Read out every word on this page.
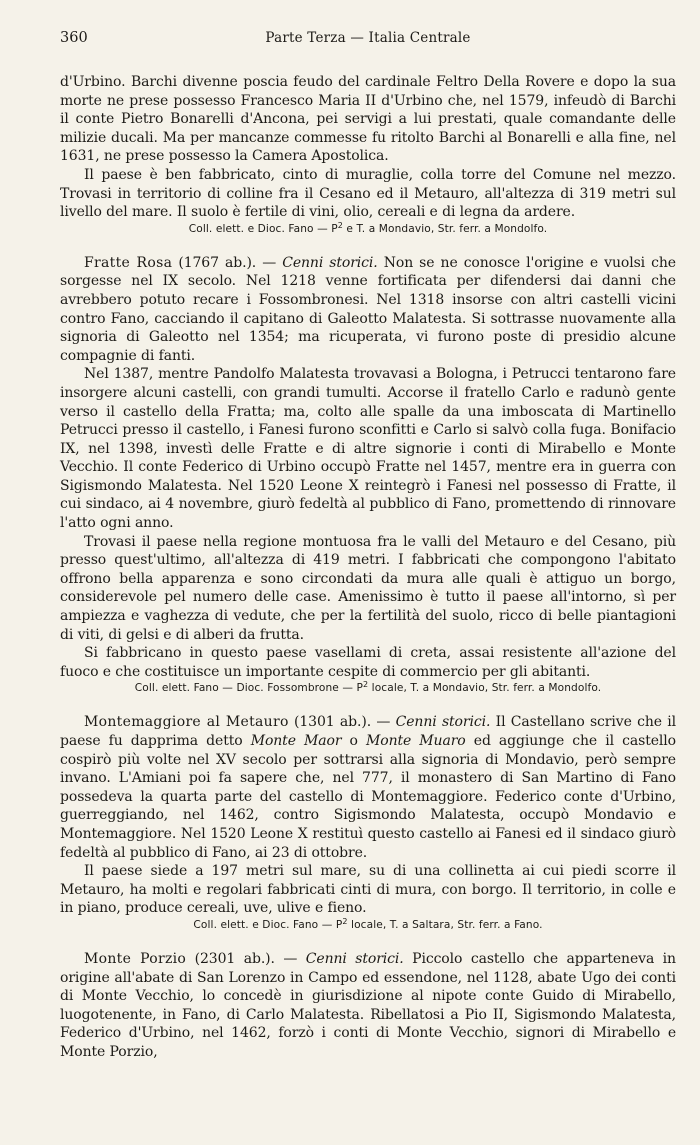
360	Parte Terza — Italia Centrale

d'Urbino. Barchi divenne poscia feudo del cardinale Feltro Della Rovere e dopo la sua morte ne prese possesso Francesco Maria II d'Urbino che, nel 1579, infeudò di Barchi il conte Pietro Bonarelli d'Ancona, pei servigi a lui prestati, quale comandante delle milizie ducali. Ma per mancanze commesse fu ritolto Barchi al Bonarelli e alla fine, nel 1631, ne prese possesso la Camera Apostolica.

Il paese è ben fabbricato, cinto di muraglie, colla torre del Comune nel mezzo. Trovasi in territorio di colline fra il Cesano ed il Metauro, all'altezza di 319 metri sul livello del mare. Il suolo è fertile di vini, olio, cereali e di legna da ardere.

Coll. elett. e Dioc. Fano — $P^2$ e T. a Mondavio, Str. ferr. a Mondolfo.

Fratte Rosa (1767 ab.). — Cenni storici. Non se ne conosce l'origine e vuolsi che sorgesse nel IX secolo. Nel 1218 venne fortificata per difendersi dai danni che avrebbero potuto recare i Fossombronesi. Nel 1318 insorse con altri castelli vicini contro Fano, cacciando il capitano di Galeotto Malatesta. Si sottrasse nuovamente alla signoria di Galeotto nel 1354; ma ricuperata, vi furono poste di presidio alcune compagnie di fanti.

Nel 1387, mentre Pandolfo Malatesta trovavasi a Bologna, i Petrucci tentarono fare insorgere alcuni castelli, con grandi tumulti. Accorse il fratello Carlo e radunò gente verso il castello della Fratta; ma, colto alle spalle da una imboscata di Martinello Petrucci presso il castello, i Fanesi furono sconfitti e Carlo si salvò colla fuga. Bonifacio IX, nel 1398, investì delle Fratte e di altre signorie i conti di Mirabello e Monte Vecchio. Il conte Federico di Urbino occupò Fratte nel 1457, mentre era in guerra con Sigismondo Malatesta. Nel 1520 Leone X reintegrò i Fanesi nel possesso di Fratte, il cui sindaco, ai 4 novembre, giurò fedeltà al pubblico di Fano, promettendo di rinnovare l'atto ogni anno.

Trovasi il paese nella regione montuosa fra le valli del Metauro e del Cesano, più presso quest'ultimo, all'altezza di 419 metri. I fabbricati che compongono l'abitato offrono bella apparenza e sono circondati da mura alle quali è attiguo un borgo, considerevole pel numero delle case. Amenissimo è tutto il paese all'intorno, sì per ampiezza e vaghezza di vedute, che per la fertilità del suolo, ricco di belle piantagioni di viti, di gelsi e di alberi da frutta.

Si fabbricano in questo paese vasellami di creta, assai resistente all'azione del fuoco e che costituisce un importante cespite di commercio per gli abitanti.

Coll. elett. Fano — Dioc. Fossombrone — $P^2$ locale, T. a Mondavio, Str. ferr. a Mondolfo.

Montemaggiore al Metauro (1301 ab.). — Cenni storici. Il Castellano scrive che il paese fu dapprima detto Monte Maor o Monte Muaro ed aggiunge che il castello cospirò più volte nel XV secolo per sottrarsi alla signoria di Mondavio, però sempre invano. L'Amiani poi fa sapere che, nel 777, il monastero di San Martino di Fano possedeva la quarta parte del castello di Montemaggiore. Federico conte d'Urbino, guerreggiando, nel 1462, contro Sigismondo Malatesta, occupò Mondavio e Montemaggiore. Nel 1520 Leone X restituì questo castello ai Fanesi ed il sindaco giurò fedeltà al pubblico di Fano, ai 23 di ottobre.

Il paese siede a 197 metri sul mare, su di una collinetta ai cui piedi scorre il Metauro, ha molti e regolari fabbricati cinti di mura, con borgo. Il territorio, in colle e in piano, produce cereali, uve, ulive e fieno.

Coll. elett. e Dioc. Fano — $P^2$ locale, T. a Saltara, Str. ferr. a Fano.

Monte Porzio (2301 ab.). — Cenni storici. Piccolo castello che apparteneva in origine all'abate di San Lorenzo in Campo ed essendone, nel 1128, abate Ugo dei conti di Monte Vecchio, lo concedè in giurisdizione al nipote conte Guido di Mirabello, luogotenente, in Fano, di Carlo Malatesta. Ribellatosi a Pio II, Sigismondo Malatesta, Federico d'Urbino, nel 1462, forzò i conti di Monte Vecchio, signori di Mirabello e Monte Porzio,
